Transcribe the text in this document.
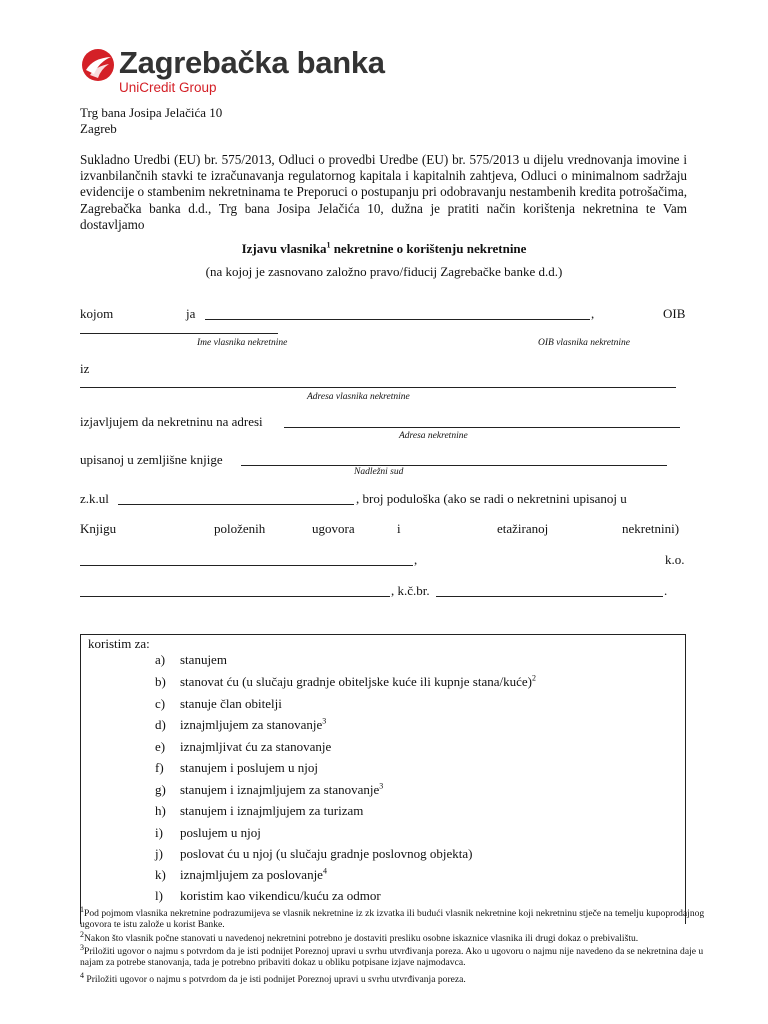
Zagrebačka banka
UniCredit Group
Trg bana Josipa Jelačića 10
Zagreb
Sukladno Uredbi (EU) br. 575/2013, Odluci o provedbi Uredbe (EU) br. 575/2013 u dijelu vrednovanja imovine i izvanbilančnih stavki te izračunavanja regulatornog kapitala i kapitalnih zahtjeva, Odluci o minimalnom sadržaju evidencije o stambenim nekretninama te Preporuci o postupanju pri odobravanju nestambenih kredita potrošačima, Zagrebačka banka d.d., Trg bana Josipa Jelačića 10, dužna je pratiti način korištenja nekretnina te Vam dostavljamo
Izjavu vlasnika$^1$ nekretnine o korištenju nekretnine
(na kojoj je zasnovano založno pravo/fiducij Zagrebačke banke d.d.)
kojom	ja	,	OIB
Ime vlasnika nekretnine	OIB vlasnika nekretnine
iz
Adresa vlasnika nekretnine
izjavljujem da nekretninu na adresi
Adresa nekretnine
upisanoj u zemljišne knjige
Nadležni sud
z.k.ul	, broj poduloška (ako se radi o nekretnini upisanoj u
Knjigu	položenih	ugovora	i	etažiranoj	nekretnini)
,	k.o.
, k.č.br.	.
koristim za:
a) stanujem
b) stanovat ću (u slučaju gradnje obiteljske kuće ili kupnje stana/kuće)$^2$
c) stanuje član obitelji
d) iznajmljujem za stanovanje$^3$
e) iznajmljivat ću za stanovanje
f) stanujem i poslujem u njoj
g) stanujem i iznajmljujem za stanovanje$^3$
h) stanujem i iznajmljujem za turizam
i) poslujem u njoj
j) poslovat ću u njoj (u slučaju gradnje poslovnog objekta)
k) iznajmljujem za poslovanje$^4$
l) koristim kao vikendicu/kuću za odmor
$^1$Pod pojmom vlasnika nekretnine podrazumijeva se vlasnik nekretnine iz zk izvatka ili budući vlasnik nekretnine koji nekretninu stječe na temelju kupoprodajnog ugovora te istu založe u korist Banke.
$^2$Nakon što vlasnik počne stanovati u navedenoj nekretnini potrebno je dostaviti presliku osobne iskaznice vlasnika ili drugi dokaz o prebivalištu.
$^3$Priložiti ugovor o najmu s potvrdom da je isti podnijet Poreznoj upravi u svrhu utvrđivanja poreza. Ako u ugovoru o najmu nije navedeno da se nekretnina daje u najam za potrebe stanovanja, tada je potrebno pribaviti dokaz u obliku potpisane izjave najmodavca.
$^4$ Priložiti ugovor o najmu s potvrdom da je isti podnijet Poreznoj upravi u svrhu utvrđivanja poreza.
